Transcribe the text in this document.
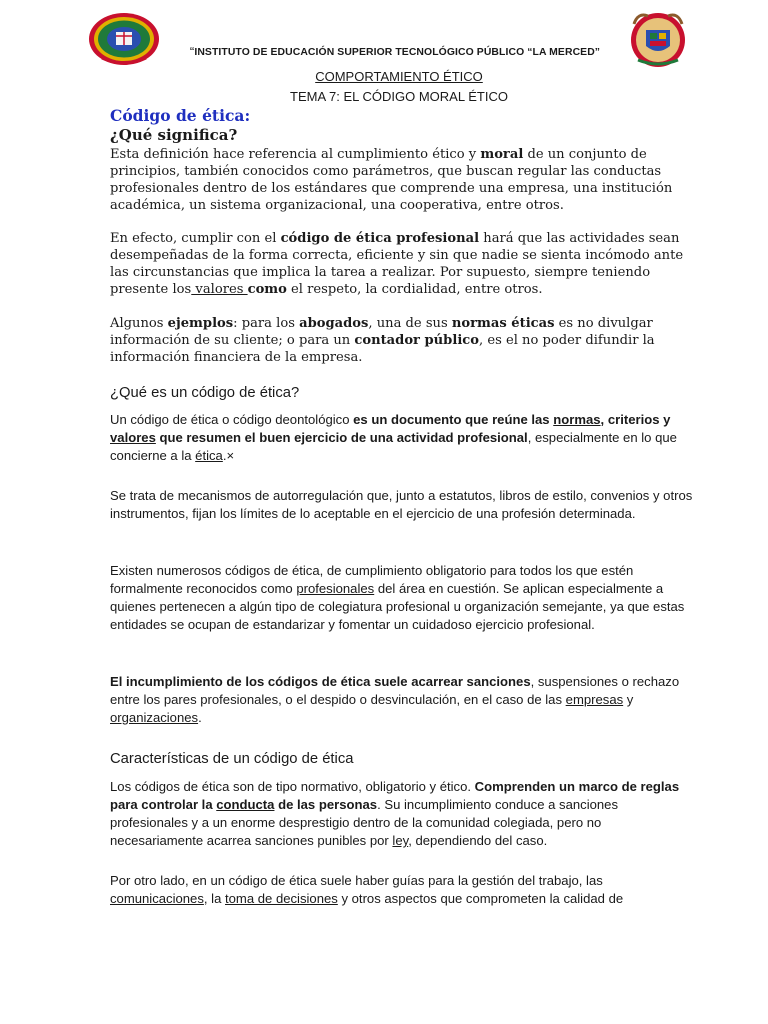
“INSTITUTO DE EDUCACIÓN SUPERIOR TECNOLÓGICO PÚBLICO “LA MERCED”
COMPORTAMIENTO ÉTICO
TEMA 7: EL CÓDIGO MORAL ÉTICO
Código de ética:
¿Qué significa?

Esta definición hace referencia al cumplimiento ético y moral de un conjunto de principios, también conocidos como parámetros, que buscan regular las conductas profesionales dentro de los estándares que comprende una empresa, una institución académica, un sistema organizacional, una cooperativa, entre otros.

En efecto, cumplir con el código de ética profesional hará que las actividades sean desempeñadas de la forma correcta, eficiente y sin que nadie se sienta incómodo ante las circunstancias que implica la tarea a realizar. Por supuesto, siempre teniendo presente los valores como el respeto, la cordialidad, entre otros.

Algunos ejemplos: para los abogados, una de sus normas éticas es no divulgar información de su cliente; o para un contador público, es el no poder difundir la información financiera de la empresa.

¿Qué es un código de ética?

Un código de ética o código deontológico es un documento que reúne las normas, criterios y valores que resumen el buen ejercicio de una actividad profesional, especialmente en lo que concierne a la ética.×

Se trata de mecanismos de autorregulación que, junto a estatutos, libros de estilo, convenios y otros instrumentos, fijan los límites de lo aceptable en el ejercicio de una profesión determinada.

Existen numerosos códigos de ética, de cumplimiento obligatorio para todos los que estén formalmente reconocidos como profesionales del área en cuestión. Se aplican especialmente a quienes pertenecen a algún tipo de colegiatura profesional u organización semejante, ya que estas entidades se ocupan de estandarizar y fomentar un cuidadoso ejercicio profesional.

El incumplimiento de los códigos de ética suele acarrear sanciones, suspensiones o rechazo entre los pares profesionales, o el despido o desvinculación, en el caso de las empresas y organizaciones.

Características de un código de ética

Los códigos de ética son de tipo normativo, obligatorio y ético. Comprenden un marco de reglas para controlar la conducta de las personas. Su incumplimiento conduce a sanciones profesionales y a un enorme desprestigio dentro de la comunidad colegiada, pero no necesariamente acarrea sanciones punibles por ley, dependiendo del caso.

Por otro lado, en un código de ética suele haber guías para la gestión del trabajo, las comunicaciones, la toma de decisiones y otros aspectos que comprometen la calidad de
